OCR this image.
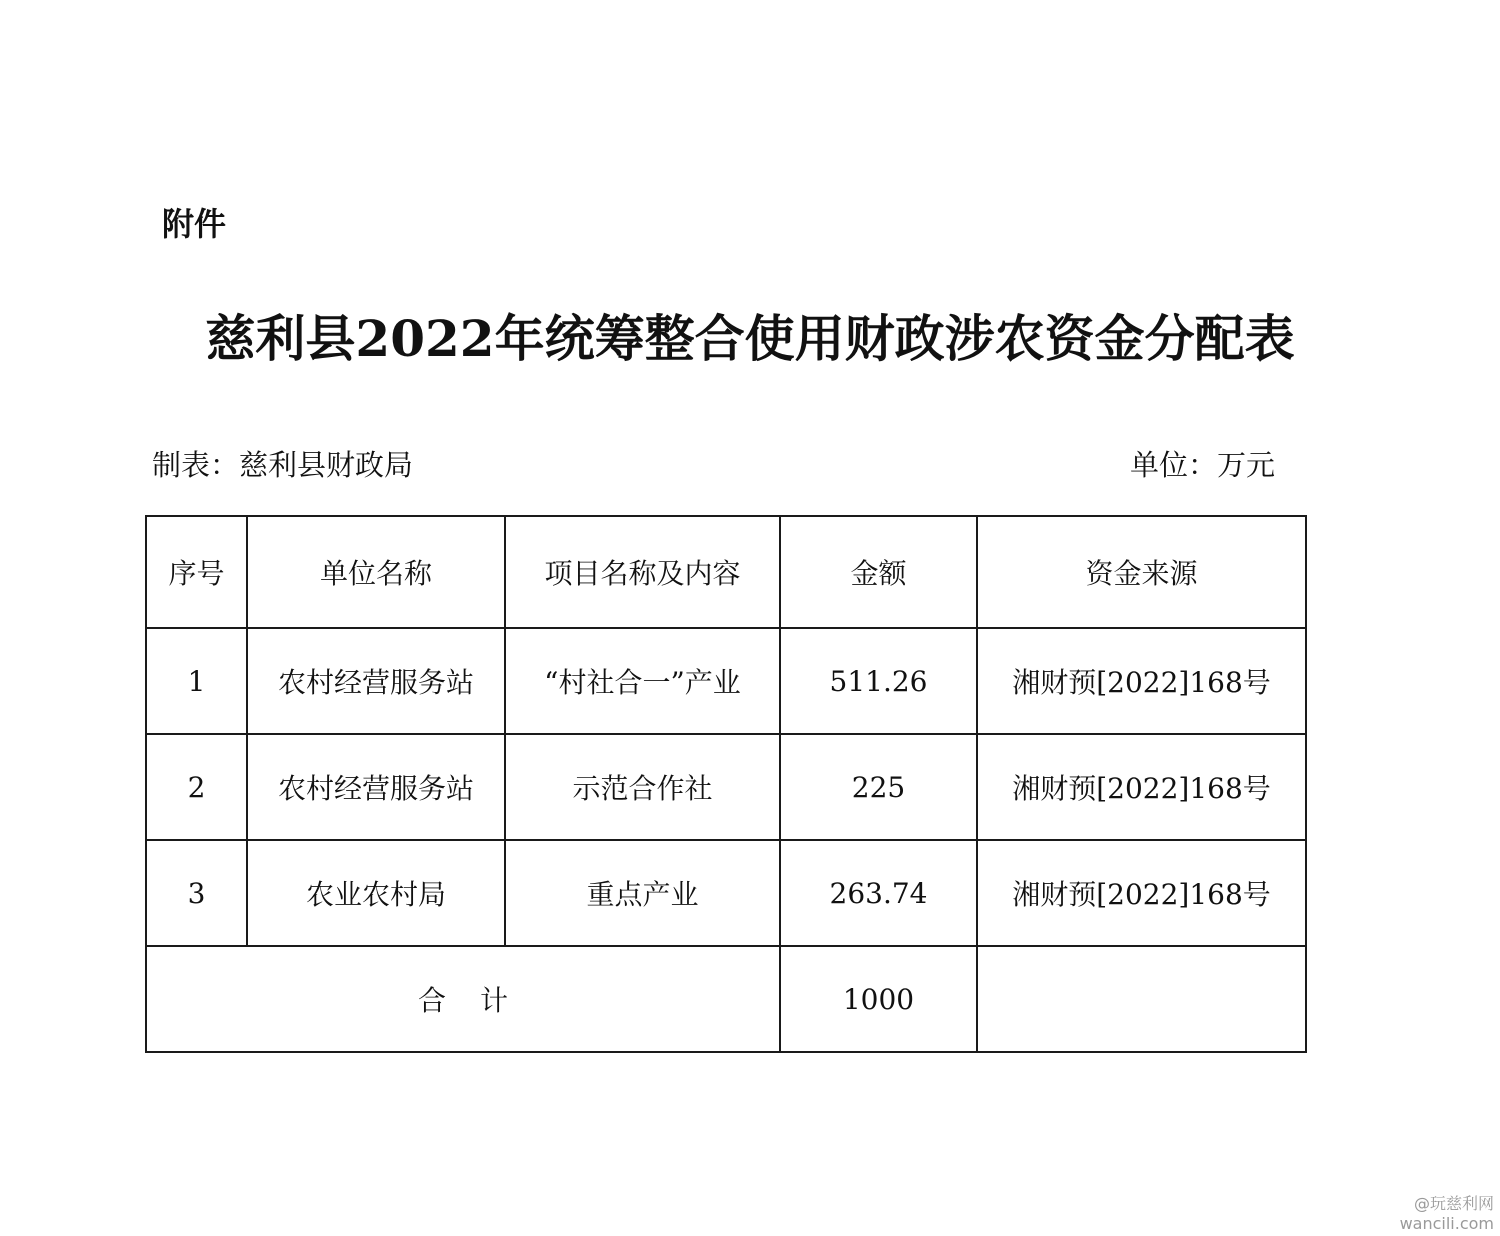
附件
慈利县2022年统筹整合使用财政涉农资金分配表
制表：慈利县财政局	单位：万元
序号	单位名称	项目名称及内容	金额	资金来源
1	农村经营服务站	“村社合一”产业	511.26	湘财预[2022]168号
2	农村经营服务站	示范合作社	225	湘财预[2022]168号
3	农业农村局	重点产业	263.74	湘财预[2022]168号
合计			1000	
@玩慈利网
wancili.com
